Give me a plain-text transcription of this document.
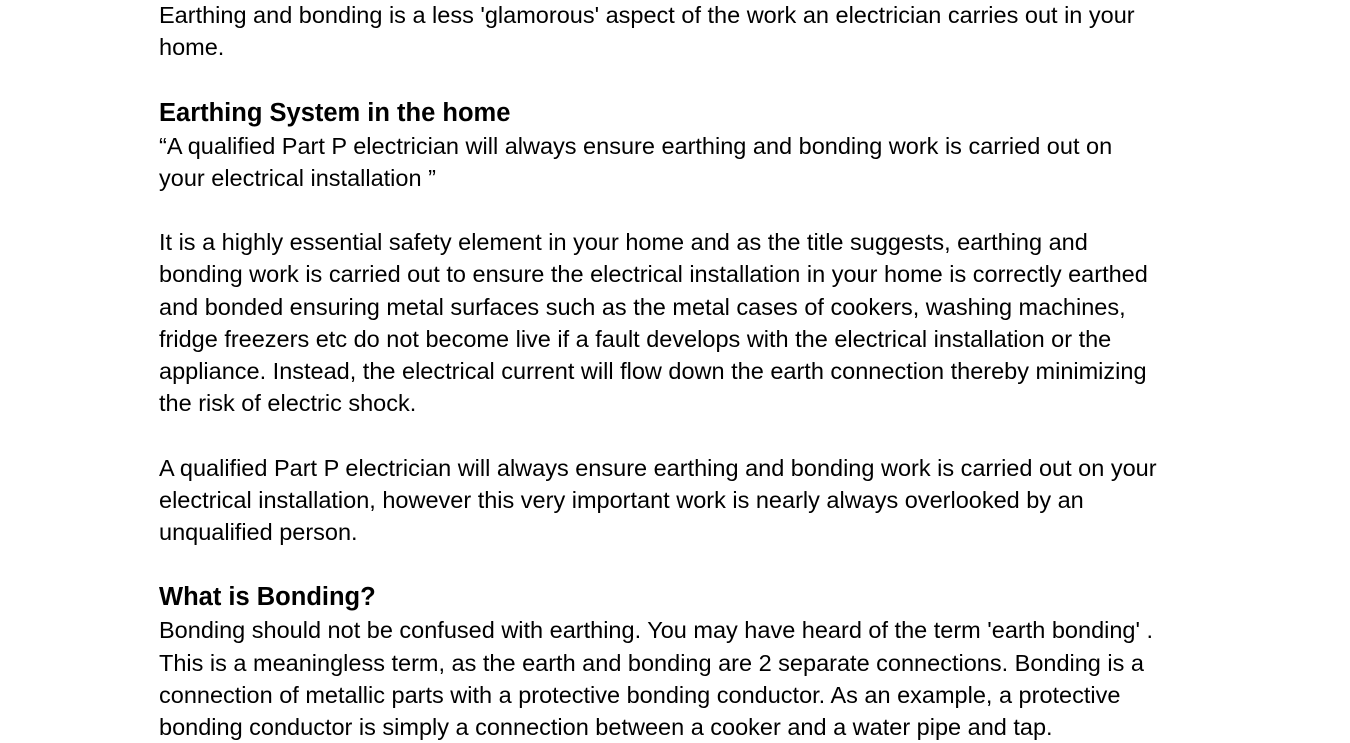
Earthing and bonding is a less 'glamorous' aspect of the work an electrician carries out in your
home.

Earthing System in the home

“A qualified Part P electrician will always ensure earthing and bonding work is carried out on
your electrical installation ”

It is a highly essential safety element in your home and as the title suggests, earthing and
bonding work is carried out to ensure the electrical installation in your home is correctly earthed
and bonded ensuring metal surfaces such as the metal cases of cookers, washing machines,
fridge freezers etc do not become live if a fault develops with the electrical installation or the
appliance. Instead, the electrical current will flow down the earth connection thereby minimizing
the risk of electric shock.

A qualified Part P electrician will always ensure earthing and bonding work is carried out on your
electrical installation, however this very important work is nearly always overlooked by an
unqualified person.

What is Bonding?

Bonding should not be confused with earthing. You may have heard of the term 'earth bonding' .
This is a meaningless term, as the earth and bonding are 2 separate connections. Bonding is a
connection of metallic parts with a protective bonding conductor. As an example, a protective
bonding conductor is simply a connection between a cooker and a water pipe and tap.
